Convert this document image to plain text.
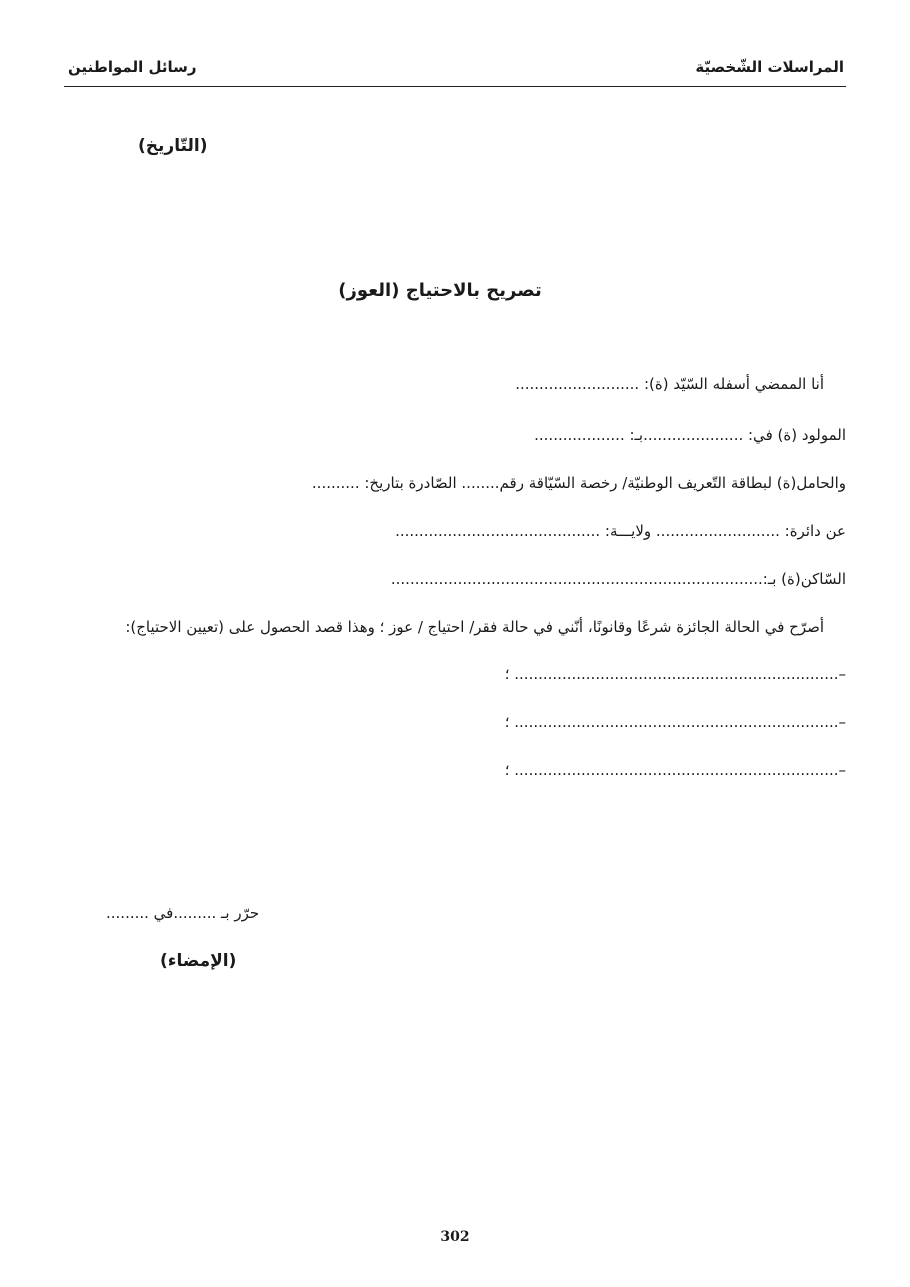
المراسلات الشّخصيّة
رسائل المواطنين
(التّاريخ)
تصريح بالاحتياج (العوز)
أنا الممضي أسفله السّيّد (ة): ..........................
المولود (ة) في: .....................بـ: ...................
والحامل(ة) لبطاقة التّعريف الوطنيّة/ رخصة السّيّاقة رقم........ الصّادرة بتاريخ: ..........
عن دائرة: .......................... ولايـــة: ...........................................
السّاكن(ة) بـ:..............................................................................
أصرّح في الحالة الجائزة شرعًا وقانونًا، أنّني في حالة فقر/ احتياج / عوز ؛ وهذا قصد الحصول على (تعيين الاحتياج):
–.................................................................... ؛
–.................................................................... ؛
–.................................................................... ؛
حرّر بـ .........في .........
(الإمضاء)
302
